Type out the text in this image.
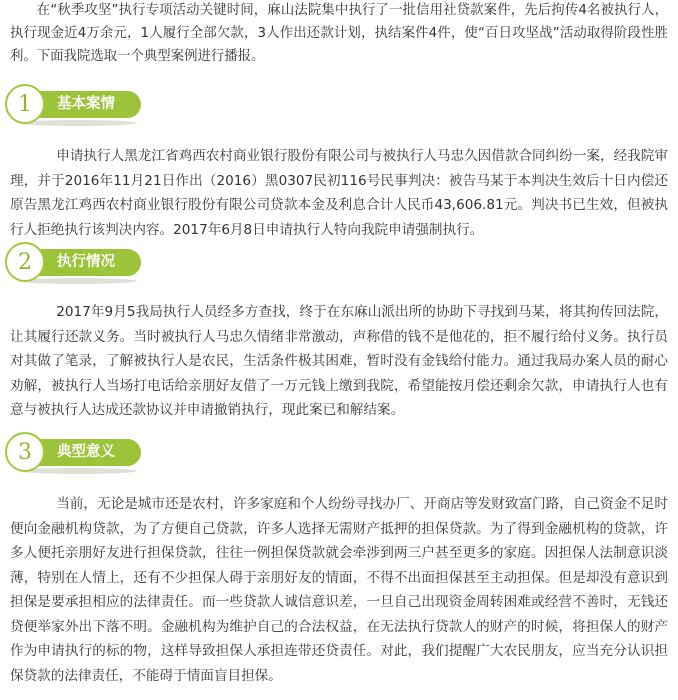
在“秋季攻坚”执行专项活动关键时间，麻山法院集中执行了一批信用社贷款案件，先后拘传4名被执行人，执行现金近4万余元，1人履行全部欠款，3人作出还款计划，执结案件4件，使“百日攻坚战”活动取得阶段性胜利。下面我院选取一个典型案例进行播报。

基本案情
1

申请执行人黑龙江省鸡西农村商业银行股份有限公司与被执行人马忠久因借款合同纠纷一案，经我院审理，并于2016年11月21日作出（2016）黑0307民初116号民事判决：被告马某于本判决生效后十日内偿还原告黑龙江鸡西农村商业银行股份有限公司贷款本金及利息合计人民币43,606.81元。判决书已生效，但被执行人拒绝执行该判决内容。2017年6月8日申请执行人特向我院申请强制执行。

执行情况
2

2017年9月5我局执行人员经多方查找，终于在东麻山派出所的协助下寻找到马某，将其拘传回法院，让其履行还款义务。当时被执行人马忠久情绪非常激动，声称借的钱不是他花的，拒不履行给付义务。执行员对其做了笔录，了解被执行人是农民，生活条件极其困难，暂时没有金钱给付能力。通过我局办案人员的耐心劝解，被执行人当场打电话给亲朋好友借了一万元钱上缴到我院，希望能按月偿还剩余欠款，申请执行人也有意与被执行人达成还款协议并申请撤销执行，现此案已和解结案。

典型意义
3

当前，无论是城市还是农村，许多家庭和个人纷纷寻找办厂、开商店等发财致富门路，自己资金不足时便向金融机构贷款，为了方便自己贷款，许多人选择无需财产抵押的担保贷款。为了得到金融机构的贷款，许多人便托亲朋好友进行担保贷款，往往一例担保贷款就会牵涉到两三户甚至更多的家庭。因担保人法制意识淡薄，特别在人情上，还有不少担保人碍于亲朋好友的情面，不得不出面担保甚至主动担保。但是却没有意识到担保是要承担相应的法律责任。而一些贷款人诚信意识差，一旦自己出现资金周转困难或经营不善时，无钱还贷便举家外出下落不明。金融机构为维护自己的合法权益，在无法执行贷款人的财产的时候，将担保人的财产作为申请执行的标的物，这样导致担保人承担连带还贷责任。对此，我们提醒广大农民朋友，应当充分认识担保贷款的法律责任，不能碍于情面盲目担保。
